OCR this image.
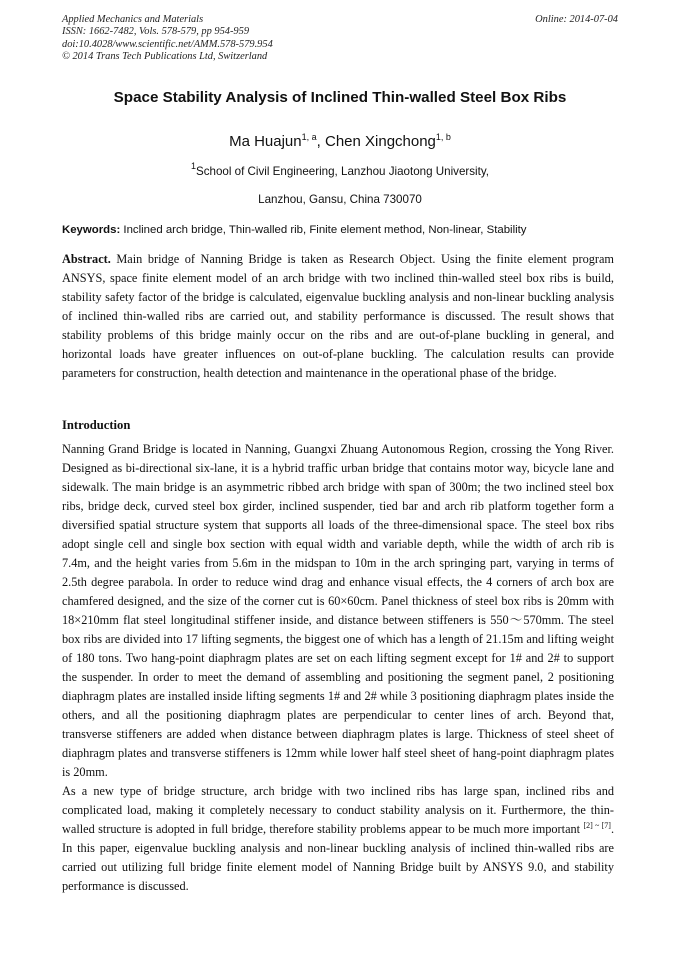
Applied Mechanics and Materials
ISSN: 1662-7482, Vols. 578-579, pp 954-959
doi:10.4028/www.scientific.net/AMM.578-579.954
© 2014 Trans Tech Publications Ltd, Switzerland
Online: 2014-07-04
Space Stability Analysis of Inclined Thin-walled Steel Box Ribs
Ma Huajun$^{1, a}$, Chen Xingchong$^{1, b}$
$^1$School of Civil Engineering, Lanzhou Jiaotong University,
Lanzhou, Gansu, China 730070
Keywords: Inclined arch bridge, Thin-walled rib, Finite element method, Non-linear, Stability
Abstract. Main bridge of Nanning Bridge is taken as Research Object. Using the finite element program ANSYS, space finite element model of an arch bridge with two inclined thin-walled steel box ribs is build, stability safety factor of the bridge is calculated, eigenvalue buckling analysis and non-linear buckling analysis of inclined thin-walled ribs are carried out, and stability performance is discussed. The result shows that stability problems of this bridge mainly occur on the ribs and are out-of-plane buckling in general, and horizontal loads have greater influences on out-of-plane buckling. The calculation results can provide parameters for construction, health detection and maintenance in the operational phase of the bridge.
Introduction

Nanning Grand Bridge is located in Nanning, Guangxi Zhuang Autonomous Region, crossing the Yong River. Designed as bi-directional six-lane, it is a hybrid traffic urban bridge that contains motor way, bicycle lane and sidewalk. The main bridge is an asymmetric ribbed arch bridge with span of 300m; the two inclined steel box ribs, bridge deck, curved steel box girder, inclined suspender, tied bar and arch rib platform together form a diversified spatial structure system that supports all loads of the three-dimensional space. The steel box ribs adopt single cell and single box section with equal width and variable depth, while the width of arch rib is 7.4m, and the height varies from 5.6m in the midspan to 10m in the arch springing part, varying in terms of 2.5th degree parabola. In order to reduce wind drag and enhance visual effects, the 4 corners of arch box are chamfered designed, and the size of the corner cut is 60×60cm. Panel thickness of steel box ribs is 20mm with 18×210mm flat steel longitudinal stiffener inside, and distance between stiffeners is 550～570mm. The steel box ribs are divided into 17 lifting segments, the biggest one of which has a length of 21.15m and lifting weight of 180 tons. Two hang-point diaphragm plates are set on each lifting segment except for 1# and 2# to support the suspender. In order to meet the demand of assembling and positioning the segment panel, 2 positioning diaphragm plates are installed inside lifting segments 1# and 2# while 3 positioning diaphragm plates inside the others, and all the positioning diaphragm plates are perpendicular to center lines of arch. Beyond that, transverse stiffeners are added when distance between diaphragm plates is large. Thickness of steel sheet of diaphragm plates and transverse stiffeners is 12mm while lower half steel sheet of hang-point diaphragm plates is 20mm.

As a new type of bridge structure, arch bridge with two inclined ribs has large span, inclined ribs and complicated load, making it completely necessary to conduct stability analysis on it. Furthermore, the thin-walled structure is adopted in full bridge, therefore stability problems appear to be much more important [2] ~ [7]. In this paper, eigenvalue buckling analysis and non-linear buckling analysis of inclined thin-walled ribs are carried out utilizing full bridge finite element model of Nanning Bridge built by ANSYS 9.0, and stability performance is discussed.
